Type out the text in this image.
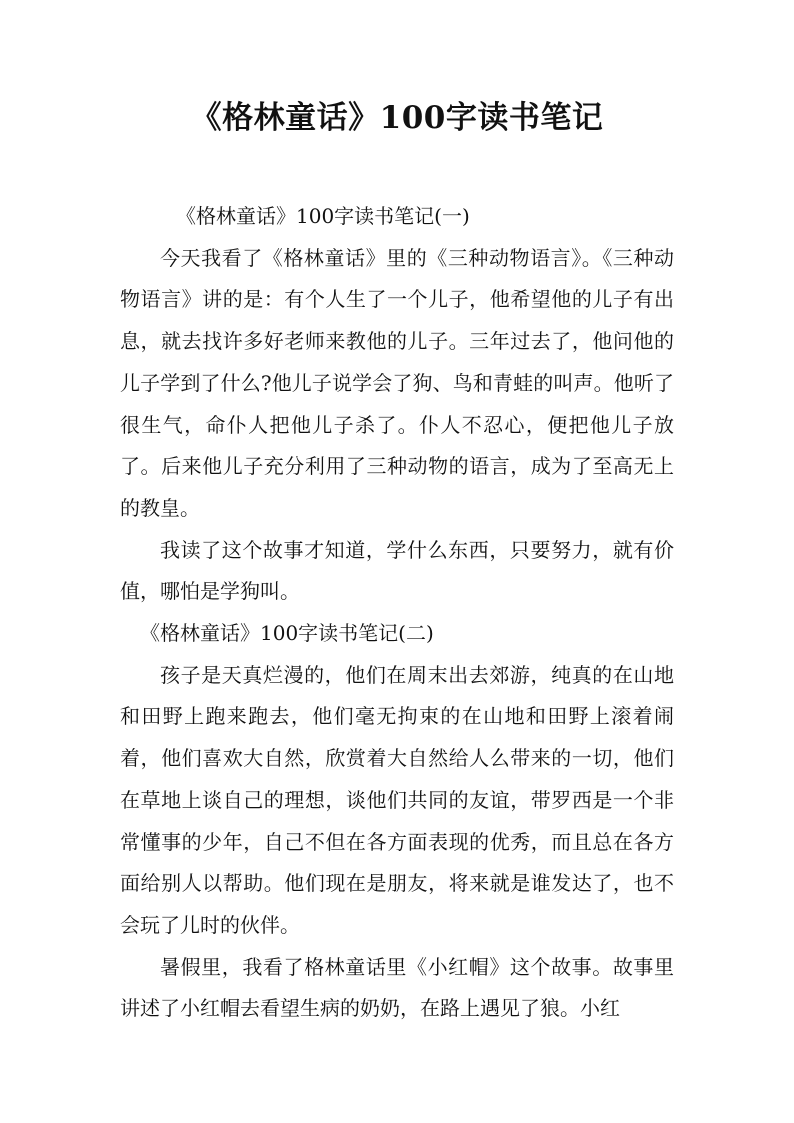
《格林童话》100字读书笔记

《格林童话》100字读书笔记(一)

今天我看了《格林童话》里的《三种动物语言》。《三种动物语言》讲的是：有个人生了一个儿子，他希望他的儿子有出息，就去找许多好老师来教他的儿子。三年过去了，他问他的儿子学到了什么?他儿子说学会了狗、鸟和青蛙的叫声。他听了很生气，命仆人把他儿子杀了。仆人不忍心，便把他儿子放了。后来他儿子充分利用了三种动物的语言，成为了至高无上的教皇。

我读了这个故事才知道，学什么东西，只要努力，就有价值，哪怕是学狗叫。

《格林童话》100字读书笔记(二)

孩子是天真烂漫的，他们在周末出去郊游，纯真的在山地和田野上跑来跑去，他们毫无拘束的在山地和田野上滚着闹着，他们喜欢大自然，欣赏着大自然给人么带来的一切，他们在草地上谈自己的理想，谈他们共同的友谊，带罗西是一个非常懂事的少年，自己不但在各方面表现的优秀，而且总在各方面给别人以帮助。他们现在是朋友，将来就是谁发达了，也不会玩了儿时的伙伴。

暑假里，我看了格林童话里《小红帽》这个故事。故事里讲述了小红帽去看望生病的奶奶，在路上遇见了狼。小红
